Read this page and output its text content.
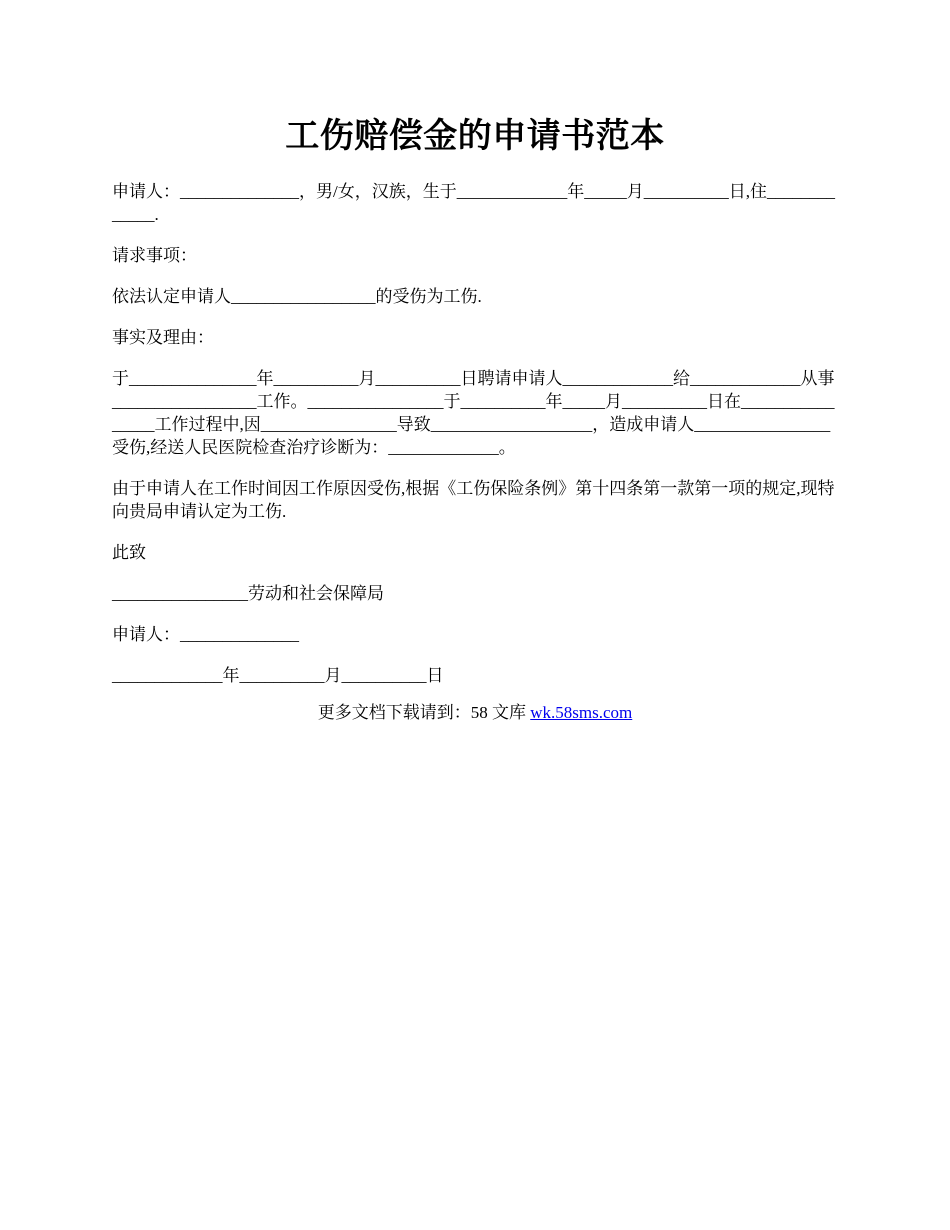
工伤赔偿金的申请书范本

申请人：______________，男/女，汉族，生于_____________年_____月__________日,住_____________.

请求事项：

依法认定申请人_________________的受伤为工伤.

事实及理由：

于_______________年__________月__________日聘请申请人_____________给_____________从事_________________工作。________________于__________年_____月__________日在________________工作过程中,因________________导致___________________，造成申请人________________受伤,经送人民医院检查治疗诊断为：_____________。

由于申请人在工作时间因工作原因受伤,根据《工伤保险条例》第十四条第一款第一项的规定,现特向贵局申请认定为工伤.

此致

________________劳动和社会保障局

申请人：______________

_____________年__________月__________日

更多文档下载请到：58 文库 wk.58sms.com
